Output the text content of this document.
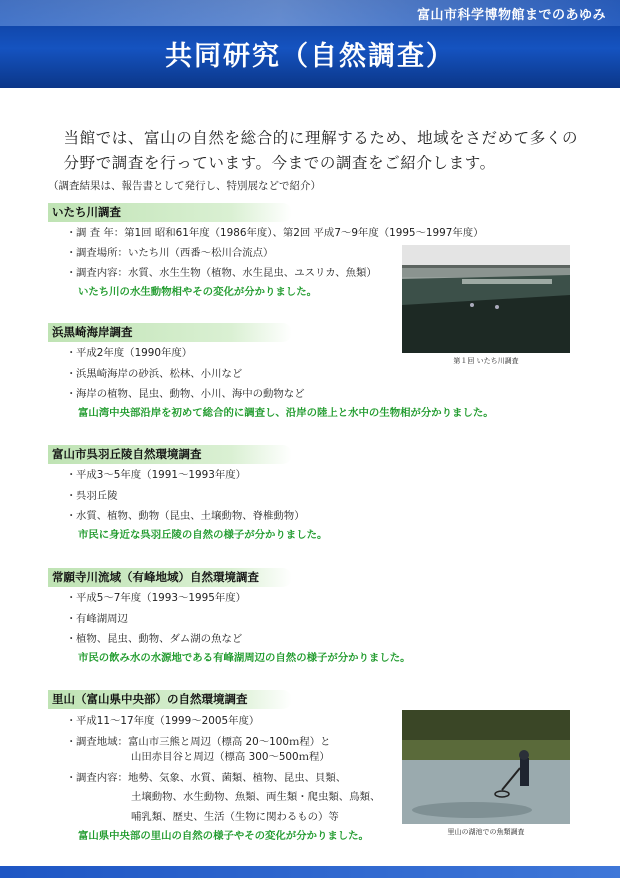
富山市科学博物館までのあゆみ
共同研究（自然調査）

当館では、富山の自然を総合的に理解するため、地域をさだめて多くの

分野で調査を行っています。今までの調査をご紹介します。

（調査結果は、報告書として発行し、特別展などで紹介）
いたち川調査
・調 査 年：第1回 昭和61年度（1986年度）、第2回 平成7～9年度（1995～1997年度）
・調査場所：いたち川（西番～松川合流点）
・調査内容：水質、水生生物（植物、水生昆虫、ユスリカ、魚類）
いたち川の水生動物相やその変化が分かりました。
第１回 いたち川調査
浜黒崎海岸調査
・平成2年度（1990年度）
・浜黒崎海岸の砂浜、松林、小川など
・海岸の植物、昆虫、動物、小川、海中の動物など
富山湾中央部沿岸を初めて総合的に調査し、沿岸の陸上と水中の生物相が分かりました。
富山市呉羽丘陵自然環境調査
・平成3～5年度（1991～1993年度）
・呉羽丘陵
・水質、植物、動物（昆虫、土壌動物、脊椎動物）
市民に身近な呉羽丘陵の自然の様子が分かりました。
常願寺川流域（有峰地域）自然環境調査
・平成5～7年度（1993～1995年度）
・有峰湖周辺
・植物、昆虫、動物、ダム湖の魚など
市民の飲み水の水源地である有峰湖周辺の自然の様子が分かりました。
里山（富山県中央部）の自然環境調査
・平成11～17年度（1999～2005年度）
・調査地域：富山市三熊と周辺（標高 20～100ｍ程）と
山田赤目谷と周辺（標高 300～500ｍ程）
・調査内容：地勢、気象、水質、菌類、植物、昆虫、貝類、
土壌動物、水生動物、魚類、両生類・爬虫類、鳥類、
哺乳類、歴史、生活（生物に関わるもの）等
富山県中央部の里山の自然の様子やその変化が分かりました。	里山の湖池での魚類調査
